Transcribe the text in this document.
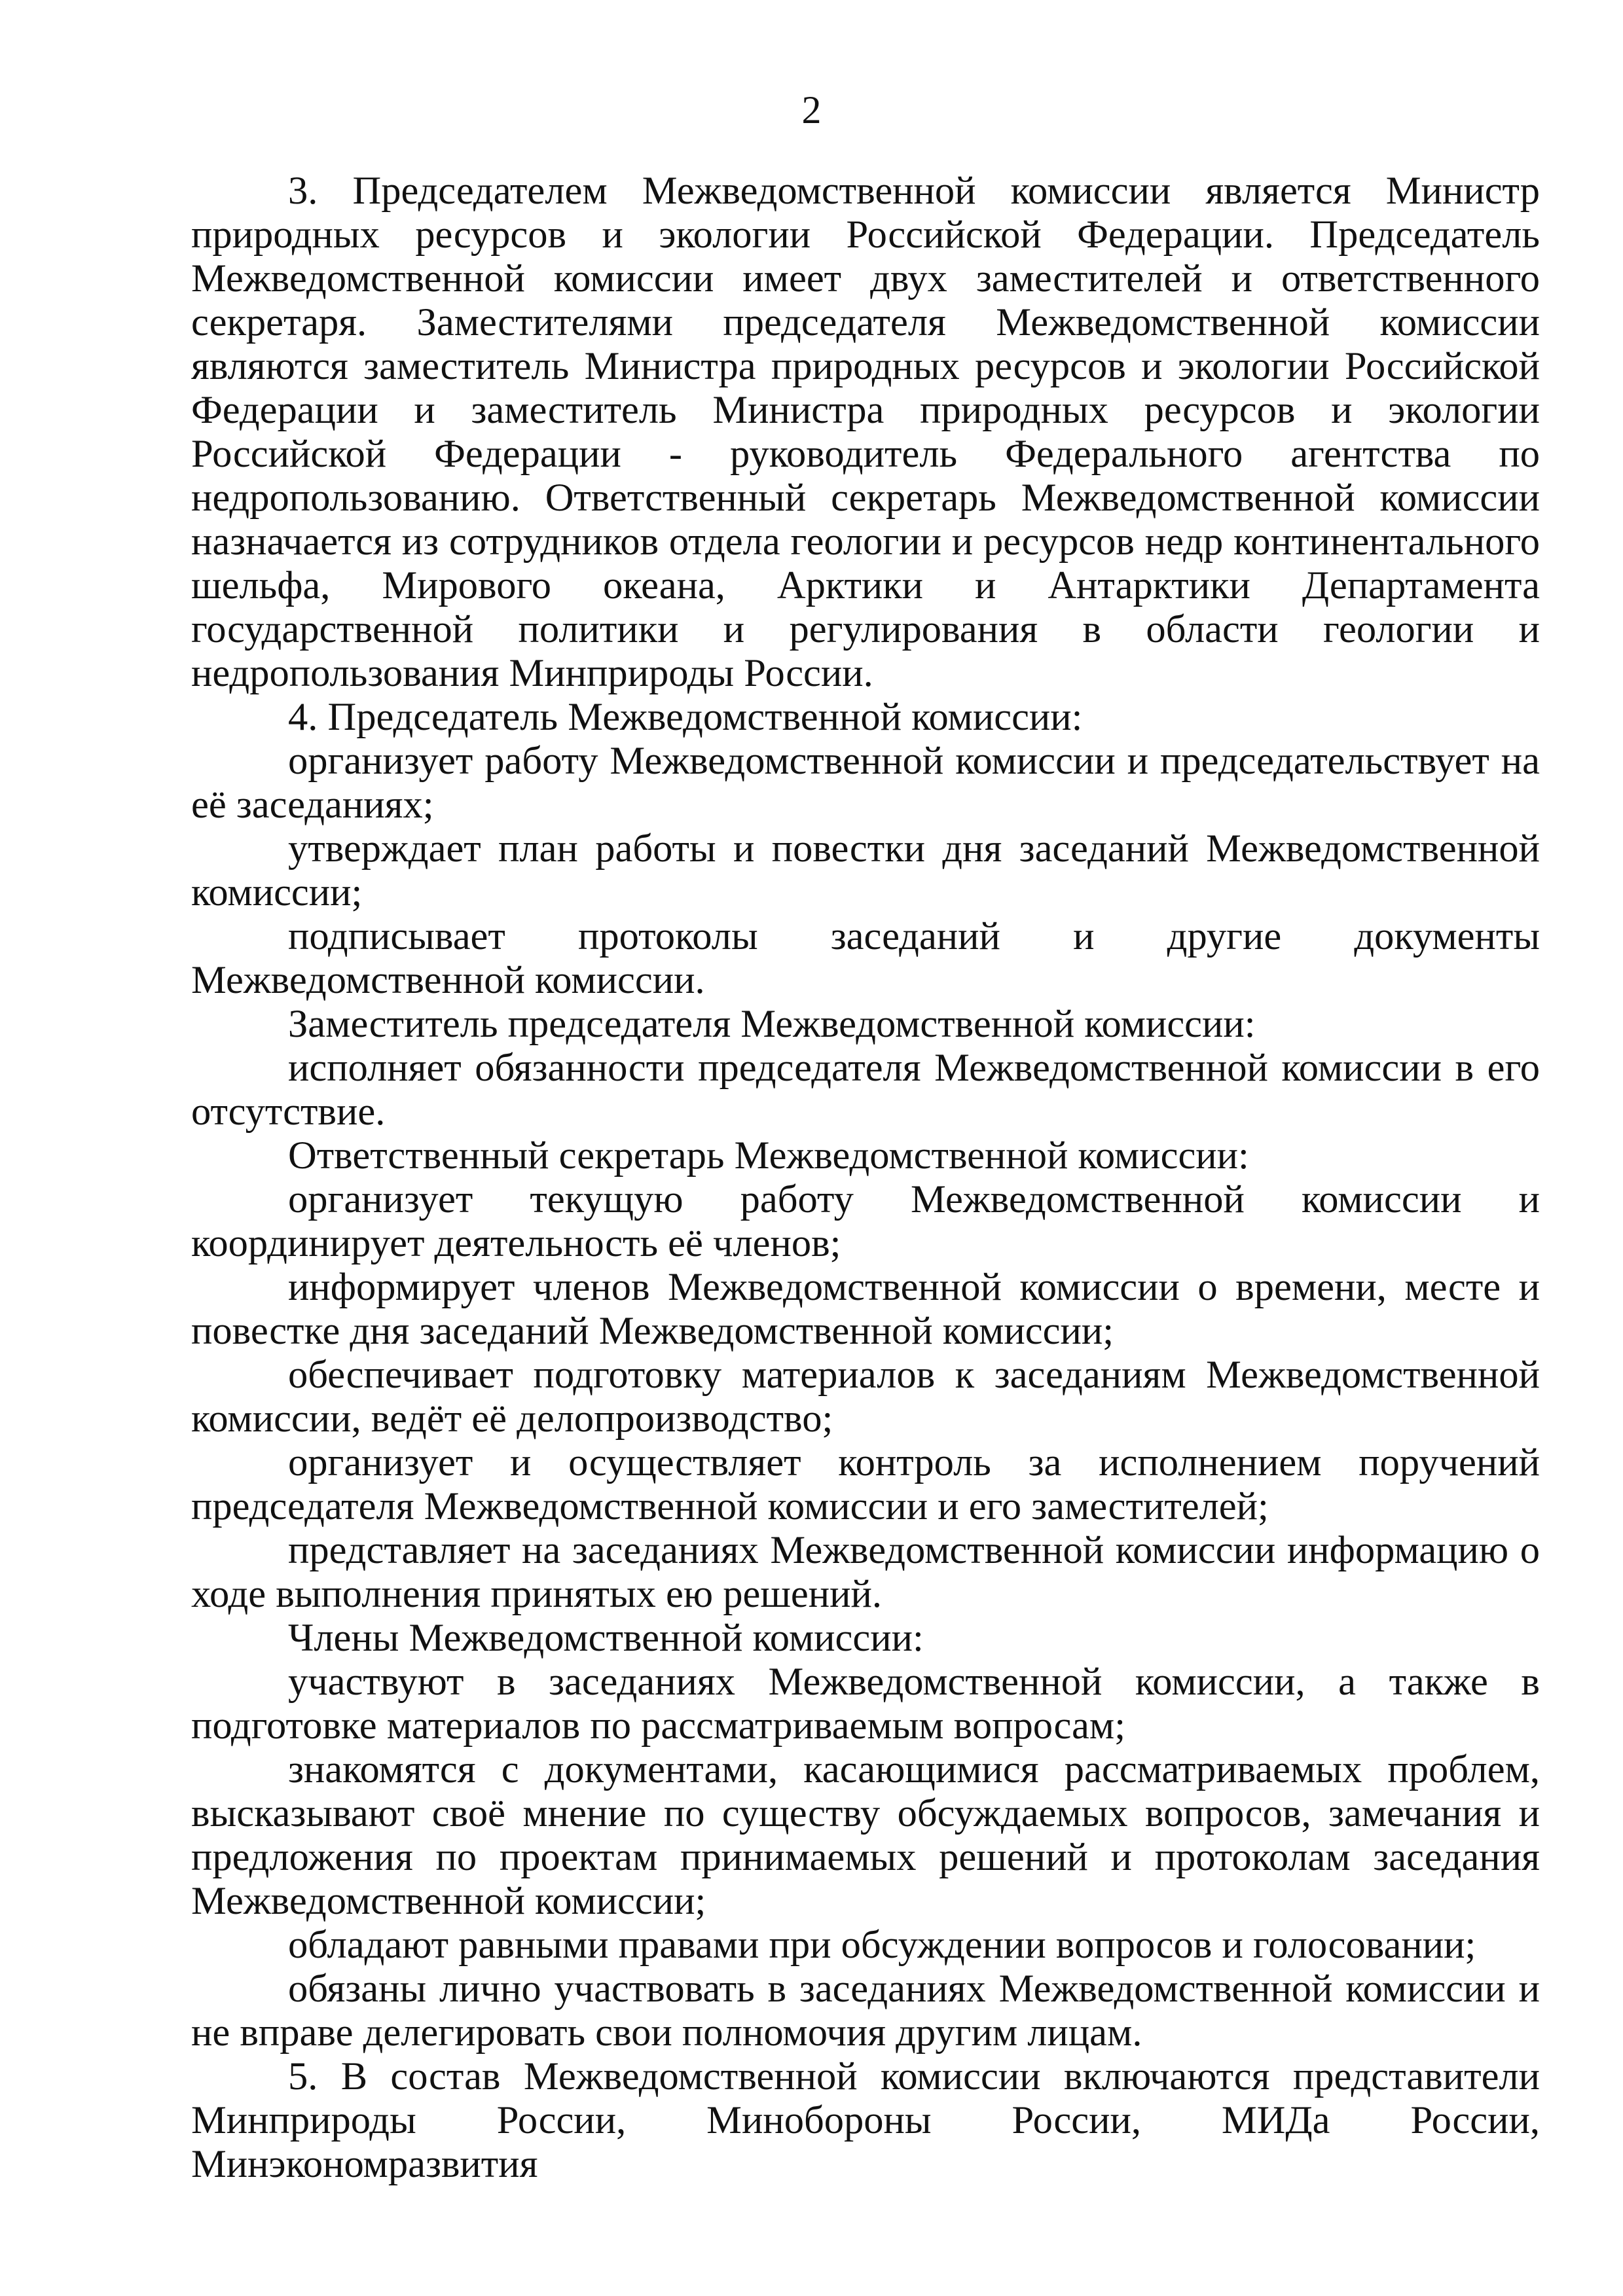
2

3. Председателем Межведомственной комиссии является Министр природных ресурсов и экологии Российской Федерации. Председатель Межведомственной комиссии имеет двух заместителей и ответственного секретаря. Заместителями председателя Межведомственной комиссии являются заместитель Министра природных ресурсов и экологии Российской Федерации и заместитель Министра природных ресурсов и экологии Российской Федерации - руководитель Федерального агентства по недропользованию. Ответственный секретарь Межведомственной комиссии назначается из сотрудников отдела геологии и ресурсов недр континентального шельфа, Мирового океана, Арктики и Антарктики Департамента государственной политики и регулирования в области геологии и недропользования Минприроды России.

4. Председатель Межведомственной комиссии:

организует работу Межведомственной комиссии и председательствует на её заседаниях;

утверждает план работы и повестки дня заседаний Межведомственной комиссии;

подписывает протоколы заседаний и другие документы Межведомственной комиссии.

Заместитель председателя Межведомственной комиссии:

исполняет обязанности председателя Межведомственной комиссии в его отсутствие.

Ответственный секретарь Межведомственной комиссии:

организует текущую работу Межведомственной комиссии и координирует деятельность её членов;

информирует членов Межведомственной комиссии о времени, месте и повестке дня заседаний Межведомственной комиссии;

обеспечивает подготовку материалов к заседаниям Межведомственной комиссии, ведёт её делопроизводство;

организует и осуществляет контроль за исполнением поручений председателя Межведомственной комиссии и его заместителей;

представляет на заседаниях Межведомственной комиссии информацию о ходе выполнения принятых ею решений.

Члены Межведомственной комиссии:

участвуют в заседаниях Межведомственной комиссии, а также в подготовке материалов по рассматриваемым вопросам;

знакомятся с документами, касающимися рассматриваемых проблем, высказывают своё мнение по существу обсуждаемых вопросов, замечания и предложения по проектам принимаемых решений и протоколам заседания Межведомственной комиссии;

обладают равными правами при обсуждении вопросов и голосовании;

обязаны лично участвовать в заседаниях Межведомственной комиссии и не вправе делегировать свои полномочия другим лицам.

5. В состав Межведомственной комиссии включаются представители Минприроды России, Минобороны России, МИДа России, Минэкономразвития
